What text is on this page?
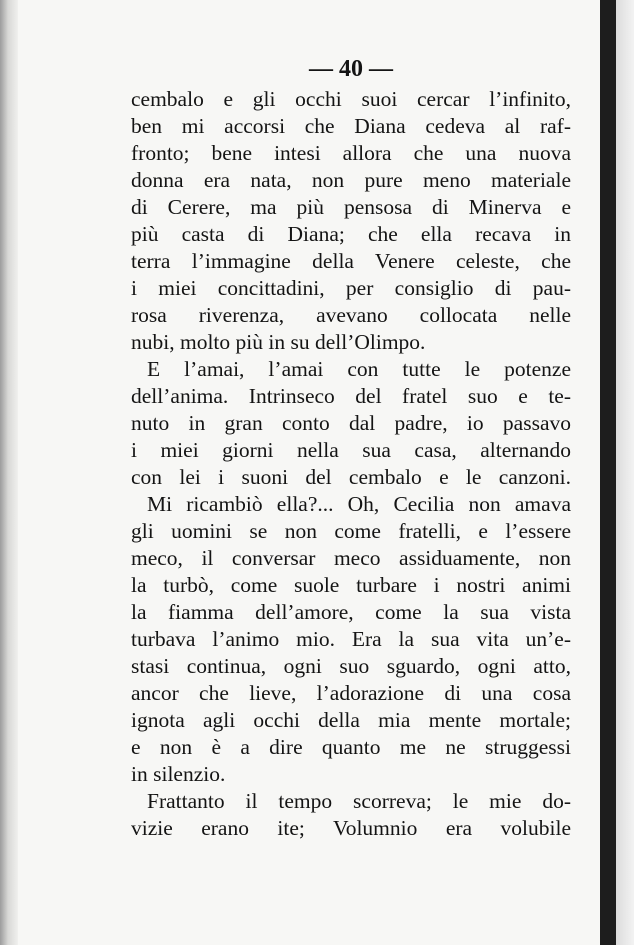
— 40 —
cembalo e gli occhi suoi cercar l’infinito,
ben mi accorsi che Diana cedeva al raf-
fronto; bene intesi allora che una nuova
donna era nata, non pure meno materiale
di Cerere, ma più pensosa di Minerva e
più casta di Diana; che ella recava in
terra l’immagine della Venere celeste, che
i miei concittadini, per consiglio di pau-
rosa riverenza, avevano collocata nelle
nubi, molto più in su dell’Olimpo.
E l’amai, l’amai con tutte le potenze
dell’anima. Intrinseco del fratel suo e te-
nuto in gran conto dal padre, io passavo
i miei giorni nella sua casa, alternando
con lei i suoni del cembalo e le canzoni.
Mi ricambiò ella?... Oh, Cecilia non amava
gli uomini se non come fratelli, e l’essere
meco, il conversar meco assiduamente, non
la turbò, come suole turbare i nostri animi
la fiamma dell’amore, come la sua vista
turbava l’animo mio. Era la sua vita un’e-
stasi continua, ogni suo sguardo, ogni atto,
ancor che lieve, l’adorazione di una cosa
ignota agli occhi della mia mente mortale;
e non è a dire quanto me ne struggessi
in silenzio.
Frattanto il tempo scorreva; le mie do-
vizie erano ite; Volumnio era volubile
